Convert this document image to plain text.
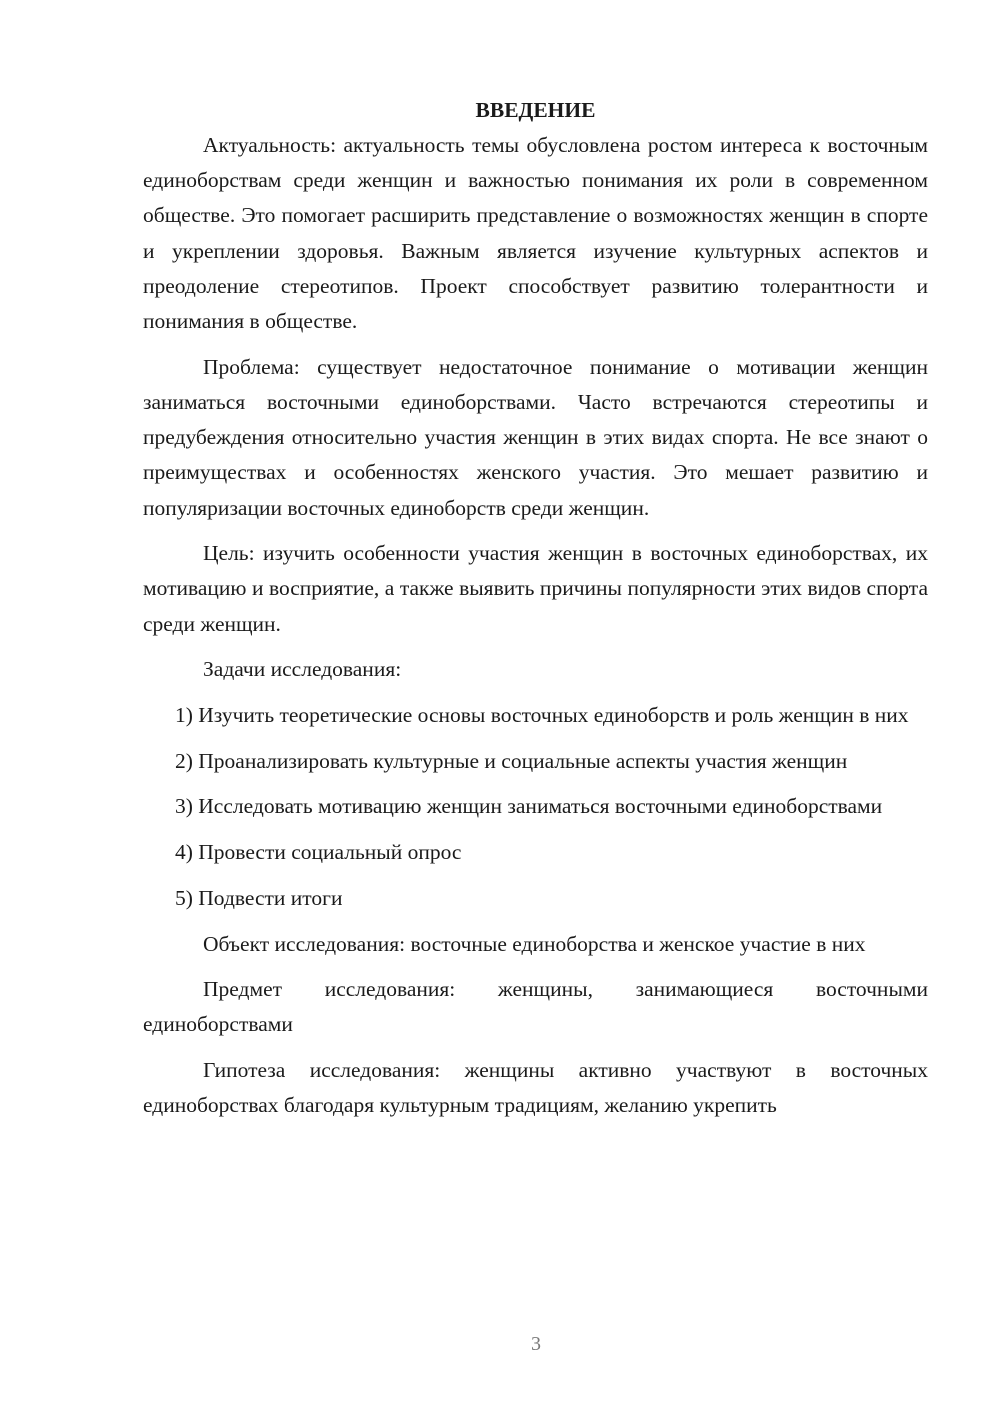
ВВЕДЕНИЕ

Актуальность: актуальность темы обусловлена ростом интереса к восточным единоборствам среди женщин и важностью понимания их роли в современном обществе. Это помогает расширить представление о возможностях женщин в спорте и укреплении здоровья. Важным является изучение культурных аспектов и преодоление стереотипов. Проект способствует развитию толерантности и понимания в обществе.

Проблема: существует недостаточное понимание о мотивации женщин заниматься восточными единоборствами. Часто встречаются стереотипы и предубеждения относительно участия женщин в этих видах спорта. Не все знают о преимуществах и особенностях женского участия. Это мешает развитию и популяризации восточных единоборств среди женщин.

Цель: изучить особенности участия женщин в восточных единоборствах, их мотивацию и восприятие, а также выявить причины популярности этих видов спорта среди женщин.

Задачи исследования:

1) Изучить теоретические основы восточных единоборств и роль женщин в них

2) Проанализировать культурные и социальные аспекты участия женщин

3) Исследовать мотивацию женщин заниматься восточными единоборствами

4) Провести социальный опрос

5) Подвести итоги

Объект исследования: восточные единоборства и женское участие в них

Предмет исследования: женщины, занимающиеся восточными единоборствами

Гипотеза исследования: женщины активно участвуют в восточных единоборствах благодаря культурным традициям, желанию укрепить

3
